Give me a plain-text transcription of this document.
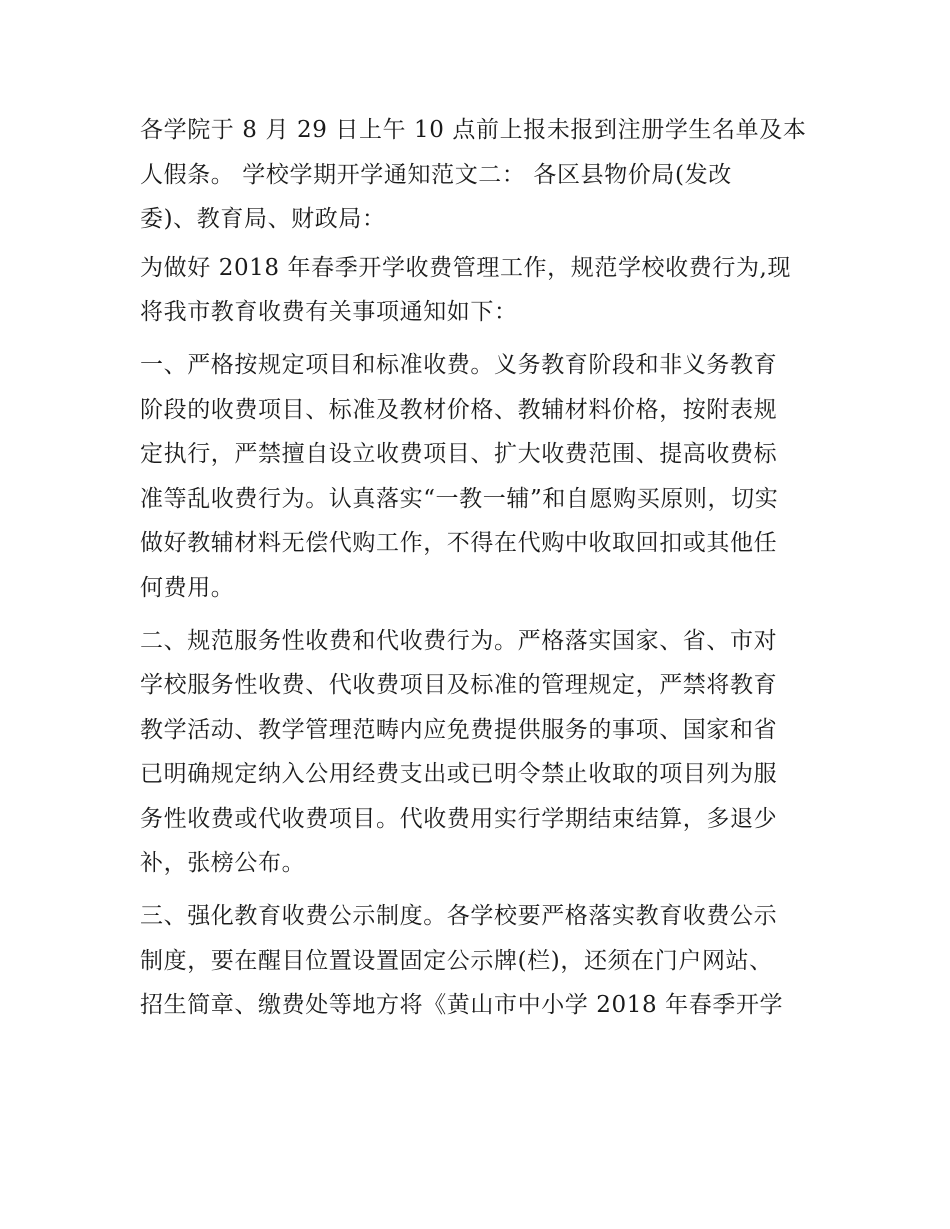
各学院于 8 月 29 日上午 10 点前上报未报到注册学生名单及本

人假条。 学校学期开学通知范文二： 各区县物价局(发改

委)、教育局、财政局：

为做好 2018 年春季开学收费管理工作，规范学校收费行为,现

将我市教育收费有关事项通知如下：

一、严格按规定项目和标准收费。义务教育阶段和非义务教育

阶段的收费项目、标准及教材价格、教辅材料价格，按附表规

定执行，严禁擅自设立收费项目、扩大收费范围、提高收费标

准等乱收费行为。认真落实“一教一辅”和自愿购买原则，切实

做好教辅材料无偿代购工作，不得在代购中收取回扣或其他任

何费用。

二、规范服务性收费和代收费行为。严格落实国家、省、市对

学校服务性收费、代收费项目及标准的管理规定，严禁将教育

教学活动、教学管理范畴内应免费提供服务的事项、国家和省

已明确规定纳入公用经费支出或已明令禁止收取的项目列为服

务性收费或代收费项目。代收费用实行学期结束结算，多退少

补，张榜公布。

三、强化教育收费公示制度。各学校要严格落实教育收费公示

制度，要在醒目位置设置固定公示牌(栏)，还须在门户网站、

招生简章、缴费处等地方将《黄山市中小学 2018 年春季开学
